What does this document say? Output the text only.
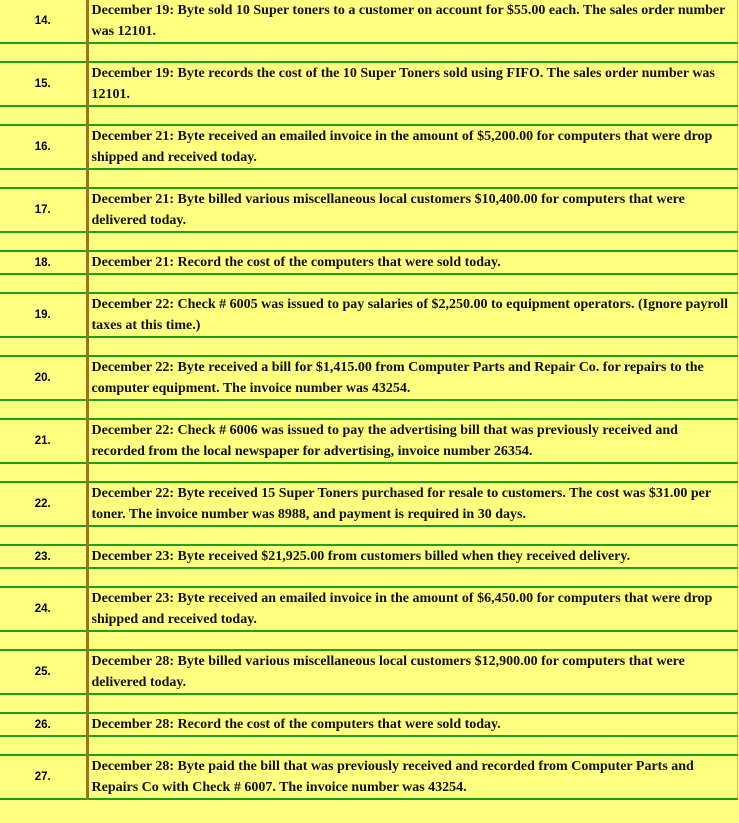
14.	December 19: Byte sold 10 Super toners to a customer on account for $55.00 each. The sales order number was 12101.

15.	December 19: Byte records the cost of the 10 Super Toners sold using FIFO. The sales order number was 12101.

16.	December 21: Byte received an emailed invoice in the amount of $5,200.00 for computers that were drop shipped and received today.

17.	December 21: Byte billed various miscellaneous local customers $10,400.00 for computers that were delivered today.

18.	December 21: Record the cost of the computers that were sold today.

19.	December 22: Check # 6005 was issued to pay salaries of $2,250.00 to equipment operators. (Ignore payroll taxes at this time.)

20.	December 22: Byte received a bill for $1,415.00 from Computer Parts and Repair Co. for repairs to the computer equipment. The invoice number was 43254.

21.	December 22: Check # 6006 was issued to pay the advertising bill that was previously received and recorded from the local newspaper for advertising, invoice number 26354.

22.	December 22: Byte received 15 Super Toners purchased for resale to customers. The cost was $31.00 per toner. The invoice number was 8988, and payment is required in 30 days.

23.	December 23: Byte received $21,925.00 from customers billed when they received delivery.

24.	December 23: Byte received an emailed invoice in the amount of $6,450.00 for computers that were drop shipped and received today.

25.	December 28: Byte billed various miscellaneous local customers $12,900.00 for computers that were delivered today.

26.	December 28: Record the cost of the computers that were sold today.

27.	December 28: Byte paid the bill that was previously received and recorded from Computer Parts and Repairs Co with Check # 6007. The invoice number was 43254.
